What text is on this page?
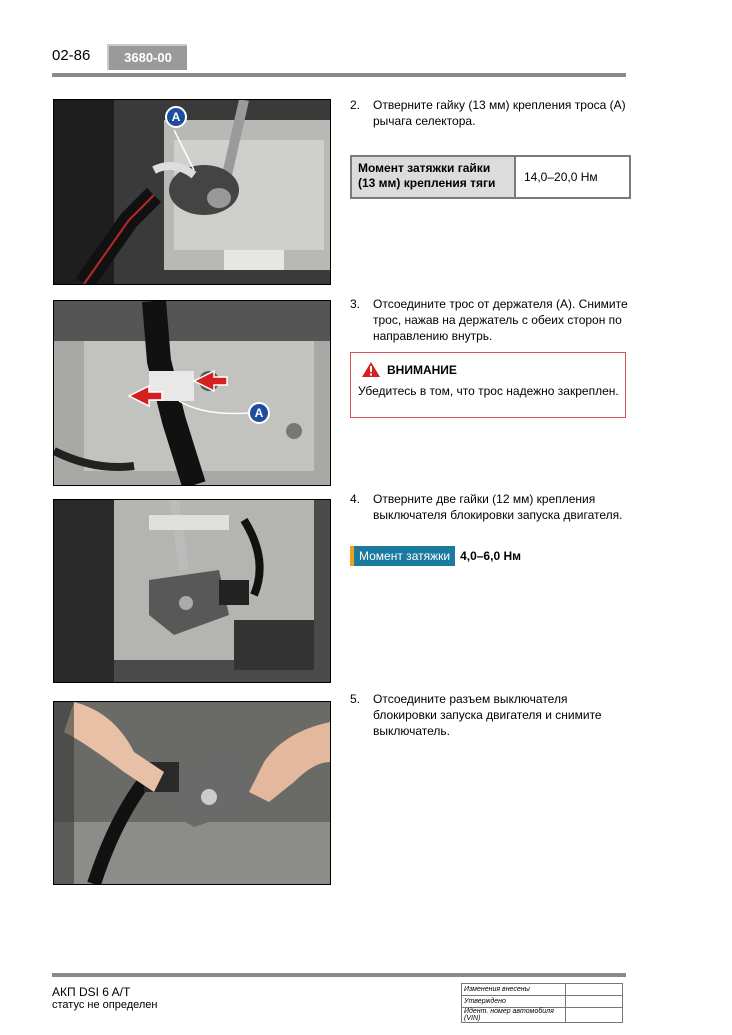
02-86	3680-00
A
2. Отверните гайку (13 мм) крепления троса (А) рычага селектора.
Момент затяжки гайки (13 мм) крепления тяги	14,0–20,0 Нм
A
3. Отсоедините трос от держателя (А). Снимите трос, нажав на держатель с обеих сторон по направлению внутрь.
ВНИМАНИЕ
Убедитесь в том, что трос надежно закреплен.
4. Отверните две гайки (12 мм) крепления выключателя блокировки запуска двигателя.
Момент затяжки 4,0–6,0 Нм
5. Отсоедините разъем выключателя блокировки запуска двигателя и снимите выключатель.
АКП DSI 6 A/T
статус не определен
Изменения внесены	
Утверждено	
Идент. номер автомобиля (VIN)	
